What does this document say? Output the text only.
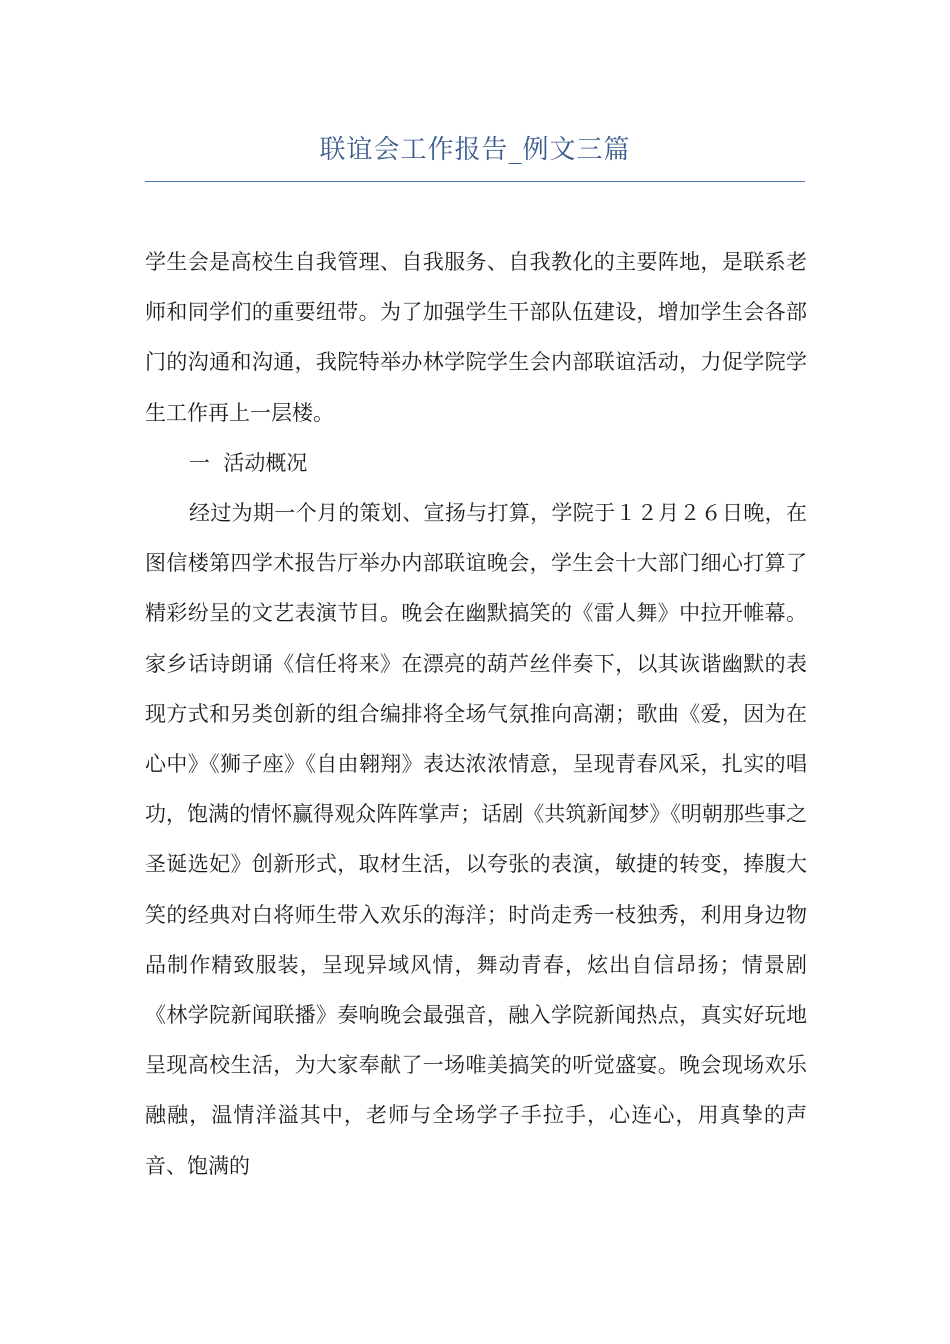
联谊会工作报告_例文三篇

学生会是高校生自我管理、自我服务、自我教化的主要阵地，是联系老师和同学们的重要纽带。为了加强学生干部队伍建设，增加学生会各部门的沟通和沟通，我院特举办林学院学生会内部联谊活动，力促学院学生工作再上一层楼。

一  活动概况

经过为期一个月的策划、宣扬与打算，学院于１２月２６日晚，在图信楼第四学术报告厅举办内部联谊晚会，学生会十大部门细心打算了精彩纷呈的文艺表演节目。晚会在幽默搞笑的《雷人舞》中拉开帷幕。家乡话诗朗诵《信任将来》在漂亮的葫芦丝伴奏下，以其诙谐幽默的表现方式和另类创新的组合编排将全场气氛推向高潮；歌曲《爱，因为在心中》《狮子座》《自由翱翔》表达浓浓情意，呈现青春风采，扎实的唱功，饱满的情怀赢得观众阵阵掌声；话剧《共筑新闻梦》《明朝那些事之圣诞选妃》创新形式，取材生活，以夸张的表演，敏捷的转变，捧腹大笑的经典对白将师生带入欢乐的海洋；时尚走秀一枝独秀，利用身边物品制作精致服装，呈现异域风情，舞动青春，炫出自信昂扬；情景剧《林学院新闻联播》奏响晚会最强音，融入学院新闻热点，真实好玩地呈现高校生活，为大家奉献了一场唯美搞笑的听觉盛宴。晚会现场欢乐融融，温情洋溢其中，老师与全场学子手拉手，心连心，用真挚的声音、饱满的
